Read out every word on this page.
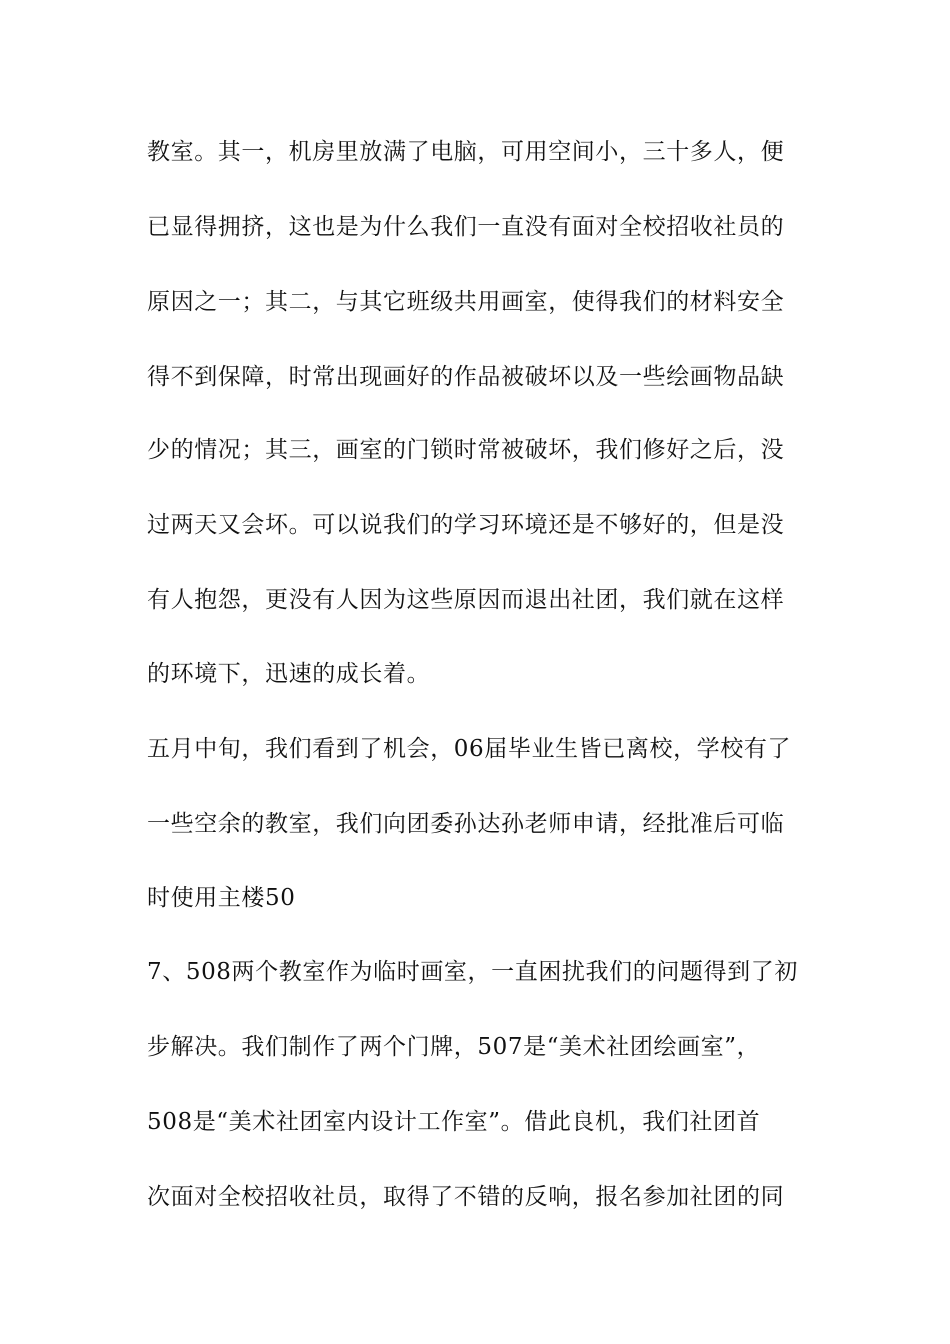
教室。其一，机房里放满了电脑，可用空间小，三十多人，便
已显得拥挤，这也是为什么我们一直没有面对全校招收社员的
原因之一；其二，与其它班级共用画室，使得我们的材料安全
得不到保障，时常出现画好的作品被破坏以及一些绘画物品缺
少的情况；其三，画室的门锁时常被破坏，我们修好之后，没
过两天又会坏。可以说我们的学习环境还是不够好的，但是没
有人抱怨，更没有人因为这些原因而退出社团，我们就在这样
的环境下，迅速的成长着。
五月中旬，我们看到了机会，06届毕业生皆已离校，学校有了
一些空余的教室，我们向团委孙达孙老师申请，经批准后可临
时使用主楼50
7、508两个教室作为临时画室，一直困扰我们的问题得到了初
步解决。我们制作了两个门牌，507是“美术社团绘画室”，
508是“美术社团室内设计工作室”。借此良机，我们社团首
次面对全校招收社员，取得了不错的反响，报名参加社团的同
